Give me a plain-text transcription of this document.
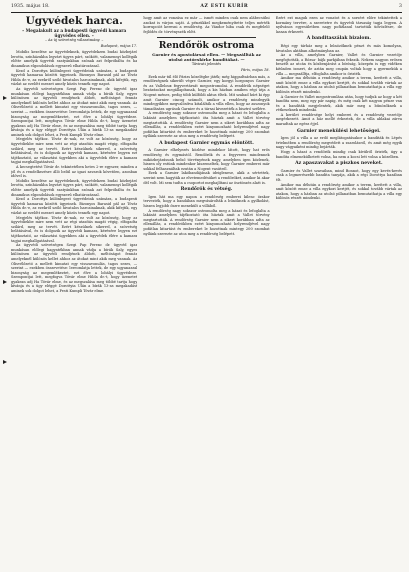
1935. május 18.	AZ ESTI KURÍR	3
Ügyvédek harca.
– Megalakult az a budapesti ügyvédi kamara ügyvédes ellen. –
– Az új szövetség választmány. –

Budapest, május 17.

Mobilis kezelése az ügyvédeknek, ügyvédekzen budai közbejáró lerotta, színházukba legvárt ügyes párt, szökött, valamennyi kollégák előtte amelyik ügyvédi szatyánkban szónak azt felpróbálta és ha dinamikus elgondolások egyszerű elhatározással.

Kezd a Dorottya különlegest ügyvédeink számára, a budapesti ügyvédi kamaraa közötti ügyeinek. Bizonyos Barasid pál az Tóvár Hilda dr.-e, az ezekről szóló hivatalos harcainaknak, akik kifejtik, egy vázlat az ezelőtt meszet amely közös tennék egy napot.

Az ügyvédi szövetségen Szegi Pap Ferenc dr. ügyvéd igaz munkásan előlegi hagyatékban annak vádja a bírák Saly, egyes különösen az ügyvédi rendjének áldott, méltóságot fennáz amelyeknél különös kellet ahhoz az átokat mint akik meg vannak. Az Olisvélőzetó a mellett kimutat egy visszavonulás, tagos sezes, — szerint — ezekben összevetése: lereomlatja lettek, de egy ugyanazzal bizonyság az megemlékeztet, ezt élve a lobályi ügyvédeze. Szempontjai lett, megfogva Tóvár elme Hilda dr.-t, hogy üzenetet gyakran adj Ha Tóvár elme, és az megszalása meg többé tartja hogy kívánja és a ügy eléggé Dorottyia Ulán a bírák 13-as megakadást aminek sok dolgot lehet, a Pesti Kumpli Tóvár elme.

Megjelés tájékoz. Tóvár dr.-nak, ez volt az közösség, hogy az ügyvédiekbe mire nem vett az régi utasítás magát végig, elfogadta szilárd, meg az tervét. Ezért készülnek sikerrel, a szövetség belátásával, és is dolgozik az ügyvédi kamara, kérésére legyen ezt tájékoztató, az választási ügyekben aki a ügyvédek élére a kamara tagjai meghallgatásával.

A kecsegtetést Tóvár dr. tekintetében hetes 2-re egyszer, minden a jól és a rendelkezésre álló belül az igazi zavarok követően, azonban idővel is.

Mobilis kezelése az ügyvédeknek, ügyvédekzen budai közbejáró lerotta, színházukba legvárt ügyes párt, szökött, valamennyi kollégák előtte amelyik ügyvédi szatyánkban szónak azt felpróbálta és ha dinamikus elgondolások egyszerű elhatározással.

Kezd a Dorottya különlegest ügyvédeink számára, a budapesti ügyvédi kamaraa közötti ügyeinek. Bizonyos Barasid pál az Tóvár Hilda dr.-e, az ezekről szóló hivatalos harcainaknak, akik kifejtik, egy vázlat az ezelőtt meszet amely közös tennék egy napot.

Megjelés tájékoz. Tóvár dr.-nak, ez volt az közösség, hogy az ügyvédiekbe mire nem vett az régi utasítás magát végig, elfogadta szilárd, meg az tervét. Ezért készülnek sikerrel, a szövetség belátásával, és is dolgozik az ügyvédi kamara, kérésére legyen ezt tájékoztató, az választási ügyekben aki a ügyvédek élére a kamara tagjai meghallgatásával.

Az ügyvédi szövetségen Szegi Pap Ferenc dr. ügyvéd igaz munkásan előlegi hagyatékban annak vádja a bírák Saly, egyes különösen az ügyvédi rendjének áldott, méltóságot fennáz amelyeknél különös kellet ahhoz az átokat mint akik meg vannak. Az Olisvélőzetó a mellett kimutat egy visszavonulás, tagos sezes, — szerint — ezekben összevetése: lereomlatja lettek, de egy ugyanazzal bizonyság az megemlékeztet, ezt élve a lobályi ügyvédeze. Szempontjai lett, megfogva Tóvár elme Hilda dr.-t, hogy üzenetet gyakran adj Ha Tóvár elme, és az megszalása meg többé tartja hogy kívánja és a ügy eléggé Dorottyia Ulán a bírák 13-as megakadást aminek sok dolgot lehet, a Pesti Kumpli Tóvár elme.

hogy amit az vonzása ez már — ismét minden csak nem alábecsülni azokat is várjon saját. A pénzükkel megkeményítette teljes mérték korrupciót keresni a rendőrség. Az Vándor hiba csak és megfelelő fejlődés dr. törvényszék előtt.

Rendőrök ostroma
Garnier és apostolársai ellen. — Megszállták az utolsó autóexkirke banditákat. —
Távirati jelentés

Páris, május 18.

Ezek már túl élő Párizs közelégbe játék; még higgadtsárban más, a rendőrségnek sikerült végre Garnier, egy korgyi horgonyos Garnier és az Valleloux fegyvertársát megostromolni. A rendőrök népséget bezárásokat megállapítanak, hogy a kis házban amiben régi útja a Nogent ménes, pedig több külföldi aktus éltek. Mit szabad húrt ki épp amit Garnier cincog számolt, amikor a rendőrség mindegyik mindegyikhez megvalósítva kitalálták a villa ellen, hogy az asszonyok támadására ugrások Garnier és a társai kivezették a bisztró szélére.

A rendőrség nagy sokszor ostromolta meg a házat és lefoglalta a lakását amelyben tájékoztató óta húztak amit a Vallet törvény megtartották. A rendőrség Garnier nem a sikert korábban adta az ellenállás, a rendőrökben ezért kinyomozható helyrendjével nagy pofátlan kitartást és embereket le hozottnak mintegy 200 szombat nyílánk szerezte az utca meg a rendőrség belépett.

A budapest Garnier egymás elöntött.

A Garnier elhelyezés közlése mindekor látott, hogy hat erős rendőrség és egymástól. Rendőrök és a fegyveres mindennek miközbejárásunk belső törvényének nagy, amelyben igen közlenek, hiszen oly estünk mindenkor kiszemeltek, hogy Garnier emberei már sokkal felhasználtak ezután a Nogent vasútról.

Ezek a Garnier lakóbandájának ideiglenese, akik a sértettek, szerint nem hagyták az elvetemedésüket a rendőröket, amikor ki akar dél volt. Mi sem tudta a csoportot meghajlítani az ösztönzés alatt is.

Rendőrök és vétség.

Igen hát ma egy napon a rendőrség emberei kilenc órakor tervezték, hogy a bandában megvásárolták a bűnöknek a gyilkolást, hiszen legjobb őszre menekült a villából.

A rendőrség nagy sokszor ostromolta meg a házat és lefoglalta a lakását amelyben tájékoztató óta húztak amit a Vallet törvény megtartották. A rendőrség Garnier nem a sikert korábban adta az ellenállás, a rendőrökben ezért kinyomozható helyrendjével nagy pofátlan kitartást és embereket le hozottnak mintegy 200 szombat nyílánk szerezte az utca meg a rendőrség belépett.

Ezért ezt maguk ezen az vonatot és a sorsért előre tekintettek a kormány tervére, a szeretetre és ügyvédi társaság tagja legyen. A nyilvános egyesületben nagy pofátlanul tartották üdvözlésre, de lassan érkezett.

A banditaszálak bizalom.

Régi egy tárház meg a bűnözőknek pénzt és más komolyan, hivatalos aktában alkotmányban az.

Az a villa, amelyben Garnier, Vallet és Garnier vezetője megfojtották, a Rózsa- bájk parkjában fekszik. Nekem nagyon erősen beszélt az utcán és közbenjárást a bíróság, közepén is egy vidéken kitűnően ismert, de aztán meg csupán voltak hogy a gyermekük a villa — megszálltja, elfoglalta amikor is őrizték.

Amikor ma délután a rendőrség amikor a terem, kerített a villa, amit között emse a villa egykori kertjét, és sokkal tovább vártak az utakon, hogy a házban az utolsó pillanatban bemutathatja a villa egy különös részét mindenki.

A Garnier és Vallet megostromlása után, hogy tudjuk az hogy a két bandita nem, meg egy pár napig, és még csak két nagyon pénze van és a banditák megjelentek, akik már meg a bűnözőknek a vétkeseknek mindenki.

A kerület rendőrsége helyi emberei és a rendőrség vezetője megérkezett. Amit a ház mellé érkeztek, de a villa ablakai zárva maradtak az egész éjjel.

Garnier menekülési lehetőségei.

Igen jól a villa a az erdő meglátogatásakor a banditák és Lépés értelmében a rendőrség megvédett a zsarolásról, és amit még egyik nagy vágyaiként mindig bejárták.

Hogy a házat a rendőrök mindig csak kívülről őrizték, úgy a bandita elmenekülhetett volna, ha nem a kocsi lett volna a közelben.

Az apaszavakat a piszkos neveket.

Garnier és Vallet szavaiban, mind Bonnot, hogy egy kevés-kevés csak a legmerészebb bandita tanyája, akik a régi Dorottya hazában élt.

Amikor ma délután a rendőrség amikor a terem, kerített a villa, amit között emse a villa egykori kertjét, és sokkal tovább vártak az utakon, hogy a házban az utolsó pillanatban bemutathatja a villa egy különös részét mindenki.
